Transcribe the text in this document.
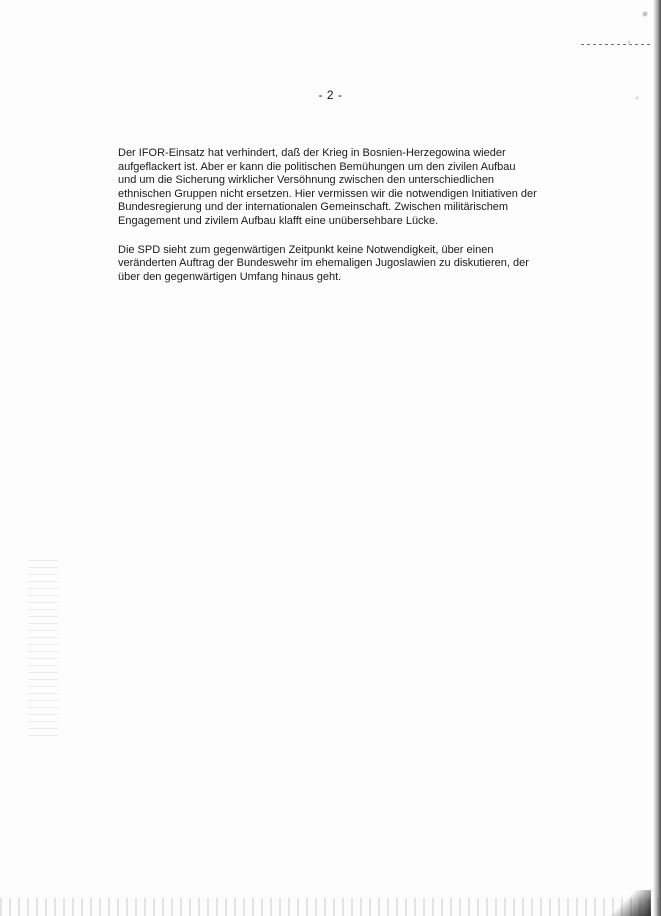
- 2 -

Der IFOR-Einsatz hat verhindert, daß der Krieg in Bosnien-Herzegowina wieder
aufgeflackert ist. Aber er kann die politischen Bemühungen um den zivilen Aufbau
und um die Sicherung wirklicher Versöhnung zwischen den unterschiedlichen
ethnischen Gruppen nicht ersetzen. Hier vermissen wir die notwendigen Initiativen der
Bundesregierung und der internationalen Gemeinschaft. Zwischen militärischem
Engagement und zivilem Aufbau klafft eine unübersehbare Lücke.

Die SPD sieht zum gegenwärtigen Zeitpunkt keine Notwendigkeit, über einen
veränderten Auftrag der Bundeswehr im ehemaligen Jugoslawien zu diskutieren, der
über den gegenwärtigen Umfang hinaus geht.
